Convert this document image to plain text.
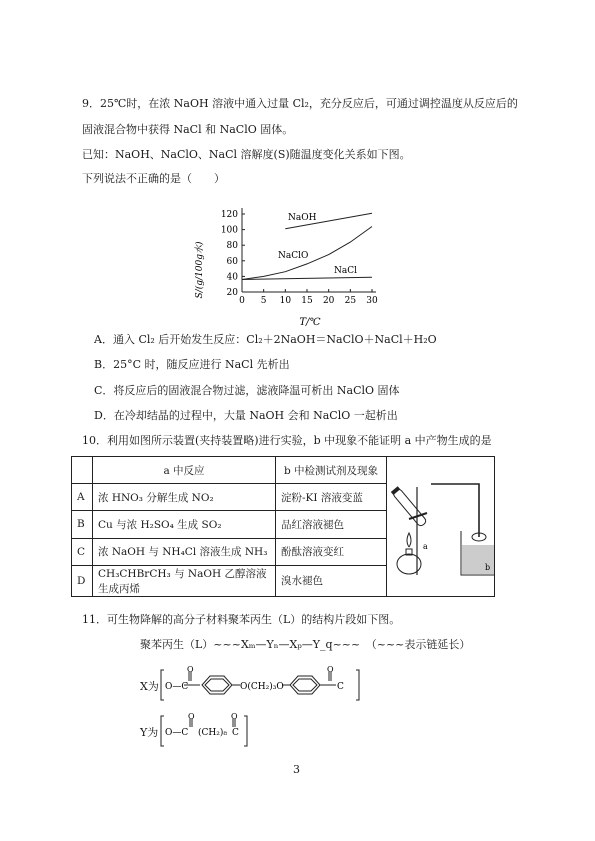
9．25℃时，在浓 NaOH 溶液中通入过量 Cl₂，充分反应后，可通过调控温度从反应后的
固液混合物中获得 NaCl 和 NaClO 固体。
已知：NaOH、NaClO、NaCl 溶解度(S)随温度变化关系如下图。
下列说法不正确的是（　　）
0 5 10 15 20 25 30
20
40
60
80
100
120	NaOH
NaClO
NaCl
S/(g/100g水)
T/℃
A．通入 Cl₂ 后开始发生反应：Cl₂＋2NaOH＝NaClO＋NaCl＋H₂O
B．25°C 时，随反应进行 NaCl 先析出
C．将反应后的固液混合物过滤，滤液降温可析出 NaClO 固体
D．在冷却结晶的过程中，大量 NaOH 会和 NaClO 一起析出
10．利用如图所示装置(夹持装置略)进行实验，b 中现象不能证明 a 中产物生成的是
	a 中反应	b 中检测试剂及现象	a
b

A	浓 HNO₃ 分解生成 NO₂	淀粉-KI 溶液变蓝	
B	Cu 与浓 H₂SO₄ 生成 SO₂	品红溶液褪色	
C	浓 NaOH 与 NH₄Cl 溶液生成 NH₃	酚酞溶液变红	
D	CH₃CHBrCH₃ 与 NaOH 乙醇溶液生成丙烯	溴水褪色	
11．可生物降解的高分子材料聚苯丙生（L）的结构片段如下图。
聚苯丙生（L）~~~Xₘ—Yₙ—Xₚ—Y_q~~~　（~~~表示链延长）
X为 O—C
O
O(CH₂)₃O	C
O
Y为 O—C
O
(CH₂)₈ C
O
3
